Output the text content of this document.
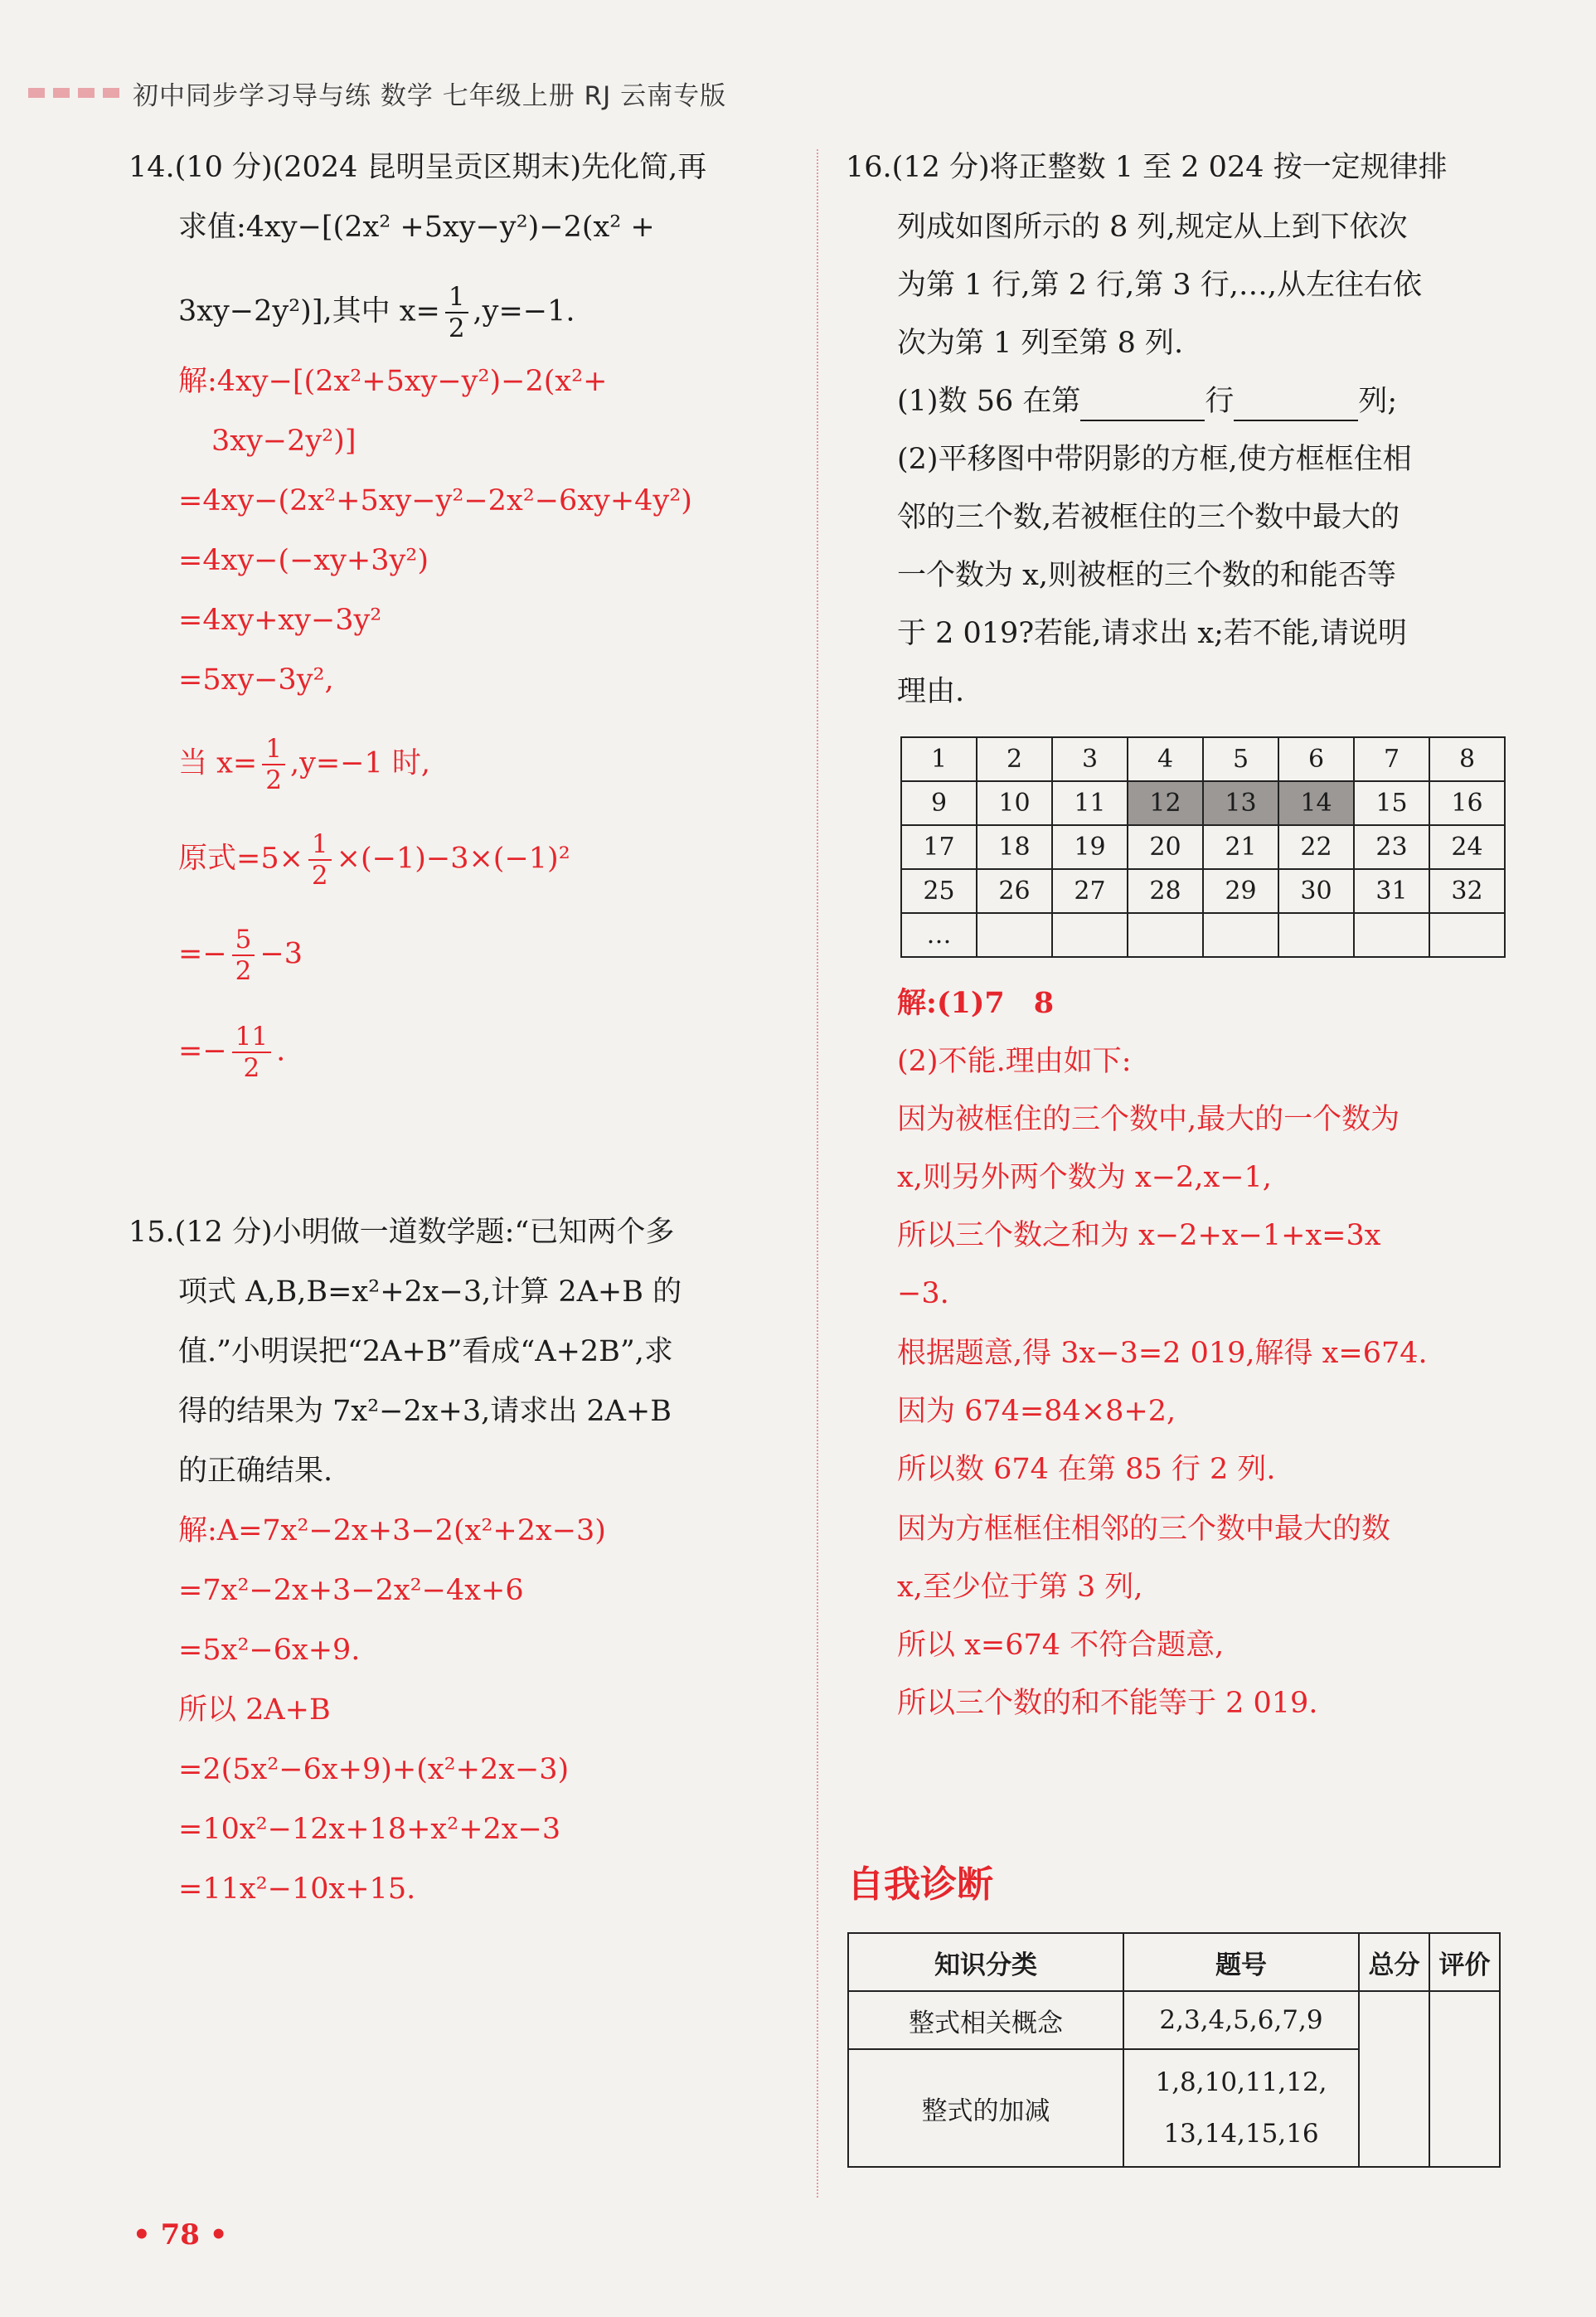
初中同步学习导与练 数学 七年级上册 RJ 云南专版
14.(10 分)(2024 昆明呈贡区期末)先化简,再
求值:4xy−[(2x² +5xy−y²)−2(x² +
3xy−2y²)],其中 $x= \frac{1}{2} ,y=-1$.
解:4xy−[(2x²+5xy−y²)−2(x²+
3xy−2y²)]
=4xy−(2x²+5xy−y²−2x²−6xy+4y²)
=4xy−(−xy+3y²)
=4xy+xy−3y²
=5xy−3y²,
当 $x= \frac{1}{2} ,y=-1$ 时,
原式$=5\times \frac{1}{2} \times(-1)-3\times(-1)^2$
=− $\frac{5}{2} -3$
=− $\frac{11}{2}$ .
15.(12 分)小明做一道数学题:“已知两个多
项式 A,B,B=x²+2x−3,计算 2A+B 的
值.”小明误把“2A+B”看成“A+2B”,求
得的结果为 7x²−2x+3,请求出 2A+B
的正确结果.
解:A=7x²−2x+3−2(x²+2x−3)
=7x²−2x+3−2x²−4x+6
=5x²−6x+9.
所以 2A+B
=2(5x²−6x+9)+(x²+2x−3)
=10x²−12x+18+x²+2x−3
=11x²−10x+15.
16.(12 分)将正整数 1 至 2 024 按一定规律排
列成如图所示的 8 列,规定从上到下依次
为第 1 行,第 2 行,第 3 行,…,从左往右依
次为第 1 列至第 8 列.
(1)数 56 在第	行	列;
(2)平移图中带阴影的方框,使方框框住相
邻的三个数,若被框住的三个数中最大的
一个数为 x,则被框的三个数的和能否等
于 2 019?若能,请求出 x;若不能,请说明
理由.
1	2	3	4	5	6	7	8
9	10	11	12	13	14	15	16
17	18	19	20	21	22	23	24
25	26	27	28	29	30	31	32
…							
解:(1)7　8
(2)不能.理由如下:
因为被框住的三个数中,最大的一个数为
x,则另外两个数为 x−2,x−1,
所以三个数之和为 x−2+x−1+x=3x
−3.
根据题意,得 3x−3=2 019,解得 x=674.
因为 674=84×8+2,
所以数 674 在第 85 行 2 列.
因为方框框住相邻的三个数中最大的数
x,至少位于第 3 列,
所以 x=674 不符合题意,
所以三个数的和不能等于 2 019.
自我诊断
知识分类	题号	总分	评价
整式相关概念	2,3,4,5,6,7,9		
整式的加减	1,8,10,11,12,
13,14,15,16		
• 78 •
